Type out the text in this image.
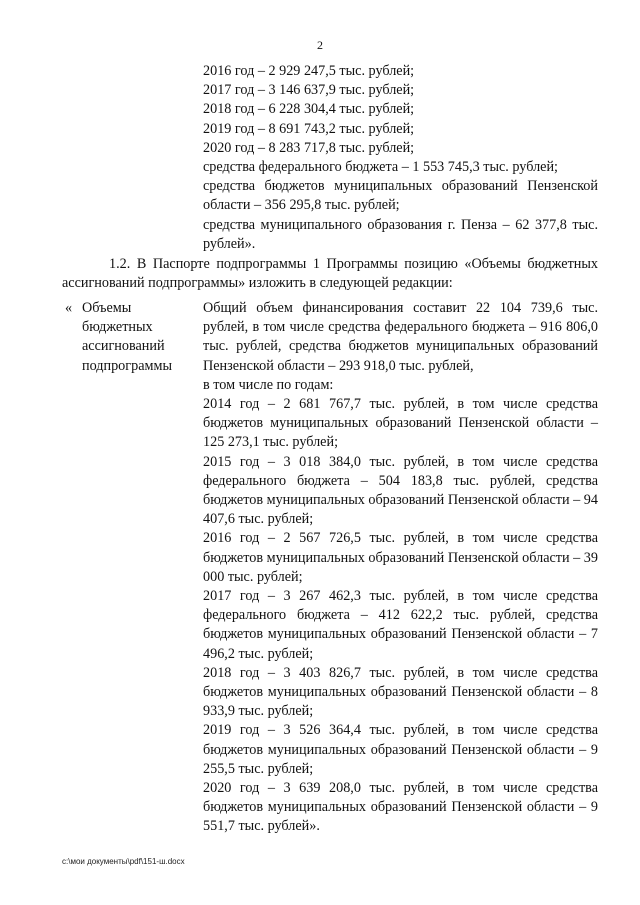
2
2016 год – 2 929 247,5 тыс. рублей;
2017 год – 3 146 637,9 тыс. рублей;
2018 год – 6 228 304,4 тыс. рублей;
2019 год – 8 691 743,2 тыс. рублей;
2020 год – 8 283 717,8 тыс. рублей;
средства федерального бюджета – 1 553 745,3 тыс. рублей;
средства бюджетов муниципальных образований Пензенской области – 356 295,8 тыс. рублей;
средства муниципального образования г. Пенза – 62 377,8 тыс. рублей».
1.2. В Паспорте подпрограммы 1 Программы позицию «Объемы бюджетных ассигнований подпрограммы» изложить в следующей редакции:
« Объемы бюджетных ассигнований подпрограммы

Общий объем финансирования составит 22 104 739,6 тыс. рублей, в том числе средства федерального бюджета – 916 806,0 тыс. рублей, средства бюджетов муниципальных образований Пензенской области – 293 918,0 тыс. рублей,

в том числе по годам:

2014 год – 2 681 767,7 тыс. рублей, в том числе средства бюджетов муниципальных образований Пензенской области – 125 273,1 тыс. рублей;

2015 год – 3 018 384,0 тыс. рублей, в том числе средства федерального бюджета – 504 183,8 тыс. рублей, средства бюджетов муниципальных образований Пензенской области – 94 407,6 тыс. рублей;

2016 год – 2 567 726,5 тыс. рублей, в том числе средства бюджетов муниципальных образований Пензенской области – 39 000 тыс. рублей;

2017 год – 3 267 462,3 тыс. рублей, в том числе средства федерального бюджета – 412 622,2 тыс. рублей, средства бюджетов муниципальных образований Пензенской области – 7 496,2 тыс. рублей;

2018 год – 3 403 826,7 тыс. рублей, в том числе средства бюджетов муниципальных образований Пензенской области – 8 933,9 тыс. рублей;

2019 год – 3 526 364,4 тыс. рублей, в том числе средства бюджетов муниципальных образований Пензенской области – 9 255,5 тыс. рублей;

2020 год – 3 639 208,0 тыс. рублей, в том числе средства бюджетов муниципальных образований Пензенской области – 9 551,7 тыс. рублей».

c:\мои документы\pdf\151-ш.docx
